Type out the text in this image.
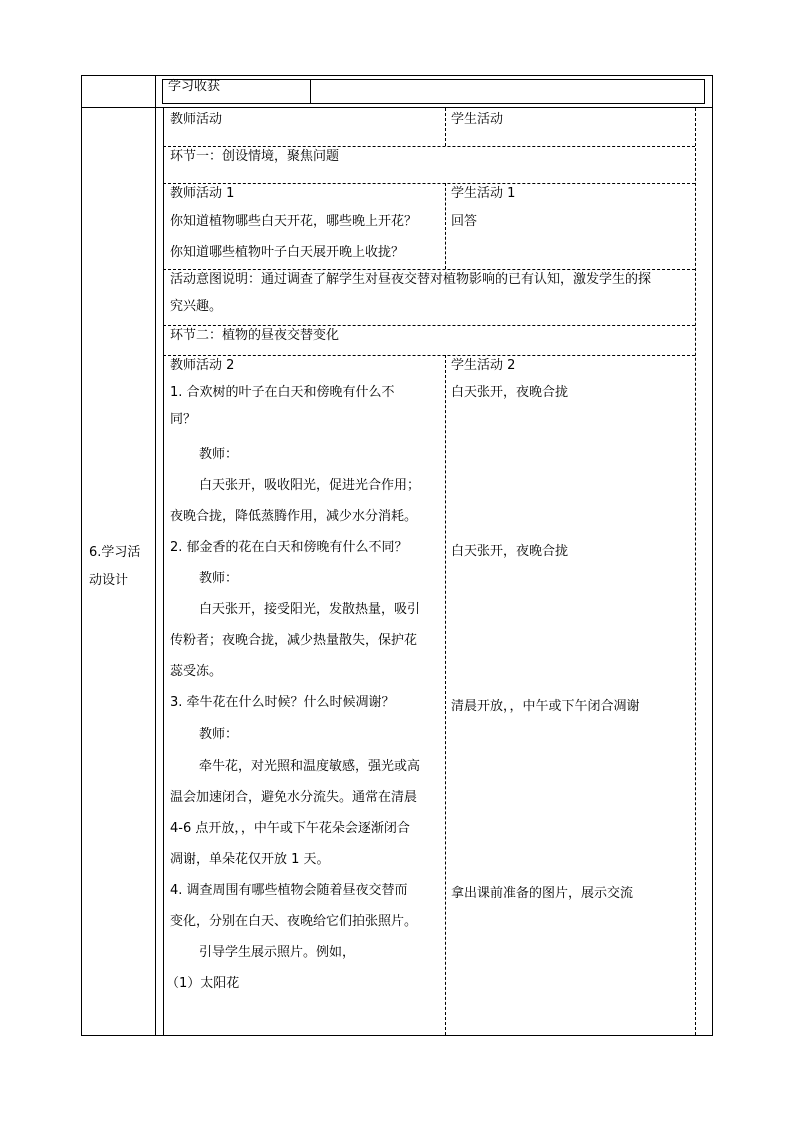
学习收获
6.学习活
动设计
教师活动	学生活动
环节一：创设情境，聚焦问题
教师活动 1
你知道植物哪些白天开花，哪些晚上开花？
你知道哪些植物叶子白天展开晚上收拢？
学生活动 1
回答
活动意图说明：通过调查了解学生对昼夜交替对植物影响的已有认知，激发学生的探
究兴趣。
环节二：植物的昼夜交替变化
教师活动 2	学生活动 2
1. 合欢树的叶子在白天和傍晚有什么不
同？
教师：
白天张开，吸收阳光，促进光合作用；
夜晚合拢，降低蒸腾作用，减少水分消耗。
2. 郁金香的花在白天和傍晚有什么不同？
教师：
白天张开，接受阳光，发散热量，吸引
传粉者；夜晚合拢，减少热量散失，保护花
蕊受冻。
3. 牵牛花在什么时候？什么时候凋谢？
教师：
牵牛花，对光照和温度敏感，强光或高
温会加速闭合，避免水分流失。通常在清晨
4-6 点开放，，中午或下午花朵会逐渐闭合
凋谢，单朵花仅开放 1 天。
4. 调查周围有哪些植物会随着昼夜交替而
变化，分别在白天、夜晚给它们拍张照片。
引导学生展示照片。例如，
（1）太阳花
白天张开，夜晚合拢
白天张开，夜晚合拢
清晨开放，，中午或下午闭合凋谢
拿出课前准备的图片，展示交流
